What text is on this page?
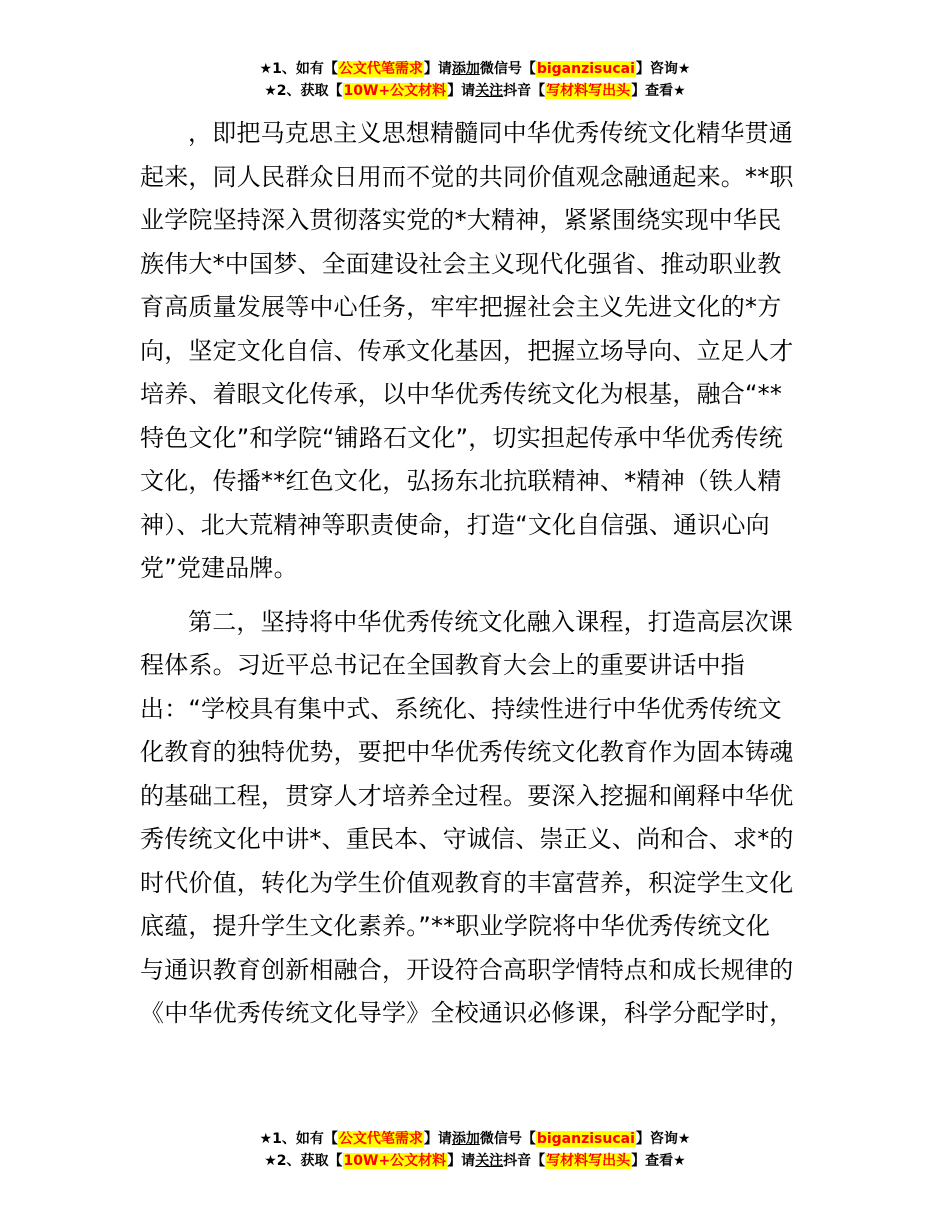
★1、如有【公文代笔需求】请添加微信号【biganzisucai】咨询★
★2、获取【10W+公文材料】请关注抖音【写材料写出头】查看★

，即把马克思主义思想精髓同中华优秀传统文化精华贯通
起来，同人民群众日用而不觉的共同价值观念融通起来。**职
业学院坚持深入贯彻落实党的*大精神，紧紧围绕实现中华民
族伟大*中国梦、全面建设社会主义现代化强省、推动职业教
育高质量发展等中心任务，牢牢把握社会主义先进文化的*方
向，坚定文化自信、传承文化基因，把握立场导向、立足人才
培养、着眼文化传承，以中华优秀传统文化为根基，融合“**
特色文化”和学院“铺路石文化”，切实担起传承中华优秀传统
文化，传播**红色文化，弘扬东北抗联精神、*精神（铁人精
神）、北大荒精神等职责使命，打造“文化自信强、通识心向
党”党建品牌。

第二，坚持将中华优秀传统文化融入课程，打造高层次课
程体系。习近平总书记在全国教育大会上的重要讲话中指
出：“学校具有集中式、系统化、持续性进行中华优秀传统文
化教育的独特优势，要把中华优秀传统文化教育作为固本铸魂
的基础工程，贯穿人才培养全过程。要深入挖掘和阐释中华优
秀传统文化中讲*、重民本、守诚信、崇正义、尚和合、求*的
时代价值，转化为学生价值观教育的丰富营养，积淀学生文化
底蕴，提升学生文化素养。”**职业学院将中华优秀传统文化
与通识教育创新相融合，开设符合高职学情特点和成长规律的
《中华优秀传统文化导学》全校通识必修课，科学分配学时，

★1、如有【公文代笔需求】请添加微信号【biganzisucai】咨询★
★2、获取【10W+公文材料】请关注抖音【写材料写出头】查看★
